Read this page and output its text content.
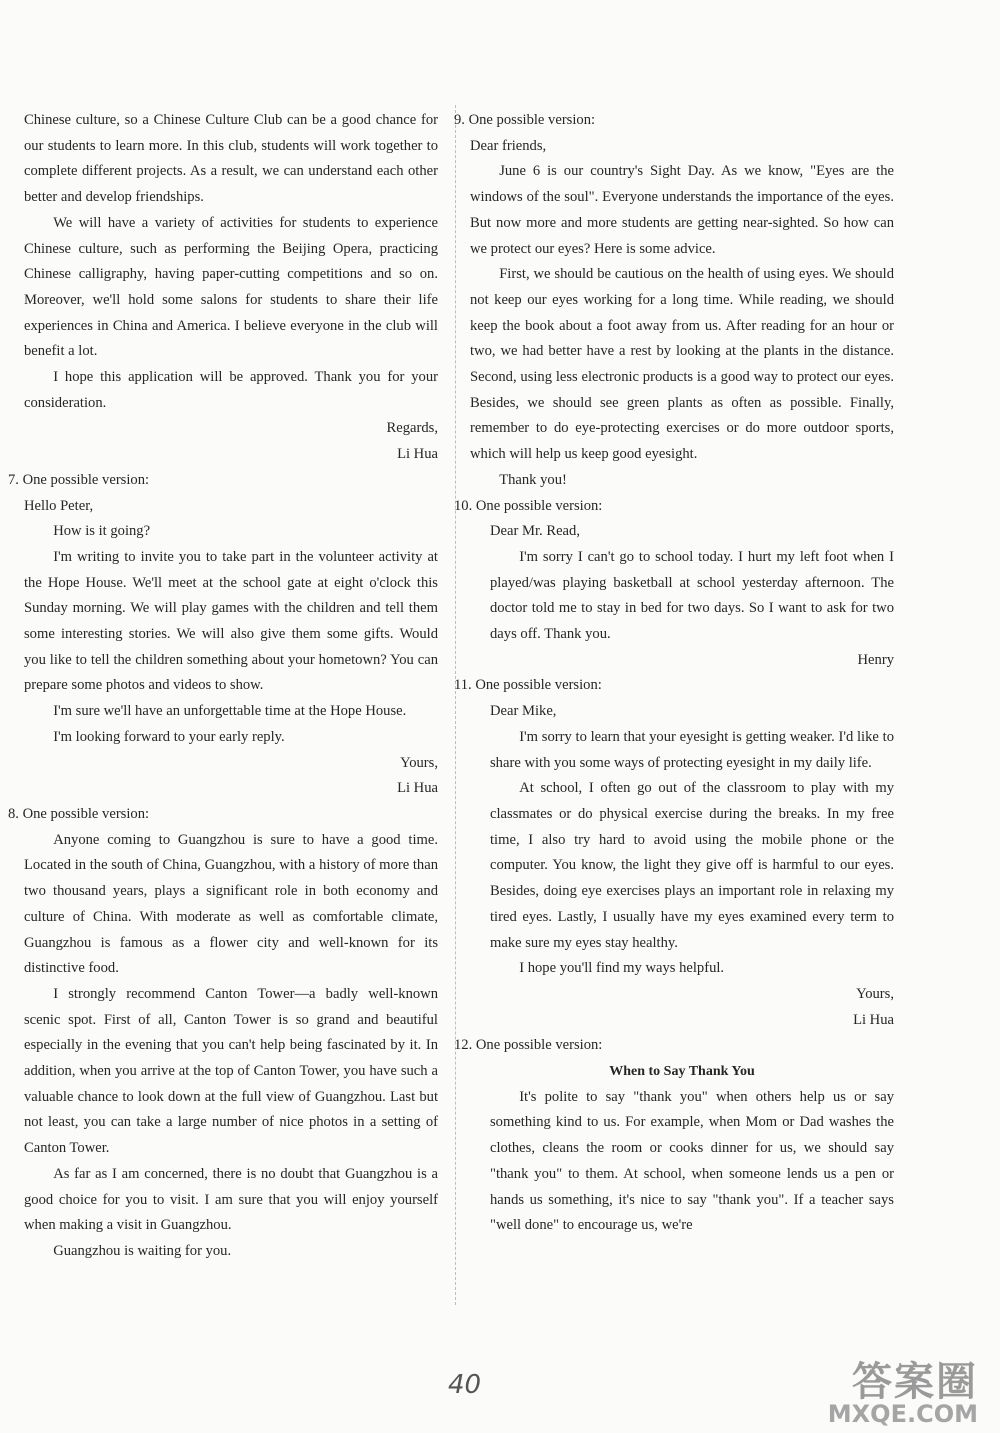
Chinese culture, so a Chinese Culture Club can be a good chance for our students to learn more. In this club, students will work together to complete different projects. As a result, we can understand each other better and develop friendships.

We will have a variety of activities for students to experience Chinese culture, such as performing the Beijing Opera, practicing Chinese calligraphy, having paper-cutting competitions and so on. Moreover, we'll hold some salons for students to share their life experiences in China and America. I believe everyone in the club will benefit a lot.

I hope this application will be approved. Thank you for your consideration.

Regards,

Li Hua

7. One possible version:

Hello Peter,

How is it going?

I'm writing to invite you to take part in the volunteer activity at the Hope House. We'll meet at the school gate at eight o'clock this Sunday morning. We will play games with the children and tell them some interesting stories. We will also give them some gifts. Would you like to tell the children something about your hometown? You can prepare some photos and videos to show.

I'm sure we'll have an unforgettable time at the Hope House.

I'm looking forward to your early reply.

Yours,

Li Hua

8. One possible version:

Anyone coming to Guangzhou is sure to have a good time. Located in the south of China, Guangzhou, with a history of more than two thousand years, plays a significant role in both economy and culture of China. With moderate as well as comfortable climate, Guangzhou is famous as a flower city and well-known for its distinctive food.

I strongly recommend Canton Tower—a badly well-known scenic spot. First of all, Canton Tower is so grand and beautiful especially in the evening that you can't help being fascinated by it. In addition, when you arrive at the top of Canton Tower, you have such a valuable chance to look down at the full view of Guangzhou. Last but not least, you can take a large number of nice photos in a setting of Canton Tower.

As far as I am concerned, there is no doubt that Guangzhou is a good choice for you to visit. I am sure that you will enjoy yourself when making a visit in Guangzhou.

Guangzhou is waiting for you.

9. One possible version:

Dear friends,

June 6 is our country's Sight Day. As we know, "Eyes are the windows of the soul". Everyone understands the importance of the eyes. But now more and more students are getting near-sighted. So how can we protect our eyes? Here is some advice.

First, we should be cautious on the health of using eyes. We should not keep our eyes working for a long time. While reading, we should keep the book about a foot away from us. After reading for an hour or two, we had better have a rest by looking at the plants in the distance. Second, using less electronic products is a good way to protect our eyes. Besides, we should see green plants as often as possible. Finally, remember to do eye-protecting exercises or do more outdoor sports, which will help us keep good eyesight.

Thank you!

10. One possible version:

Dear Mr. Read,

I'm sorry I can't go to school today. I hurt my left foot when I played/was playing basketball at school yesterday afternoon. The doctor told me to stay in bed for two days. So I want to ask for two days off. Thank you.

Henry

11. One possible version:

Dear Mike,

I'm sorry to learn that your eyesight is getting weaker. I'd like to share with you some ways of protecting eyesight in my daily life.

At school, I often go out of the classroom to play with my classmates or do physical exercise during the breaks. In my free time, I also try hard to avoid using the mobile phone or the computer. You know, the light they give off is harmful to our eyes. Besides, doing eye exercises plays an important role in relaxing my tired eyes. Lastly, I usually have my eyes examined every term to make sure my eyes stay healthy.

I hope you'll find my ways helpful.

Yours,

Li Hua

12. One possible version:

When to Say Thank You

It's polite to say "thank you" when others help us or say something kind to us. For example, when Mom or Dad washes the clothes, cleans the room or cooks dinner for us, we should say "thank you" to them. At school, when someone lends us a pen or hands us something, it's nice to say "thank you". If a teacher says "well done" to encourage us, we're

40	答案圈
MXQE.COM
